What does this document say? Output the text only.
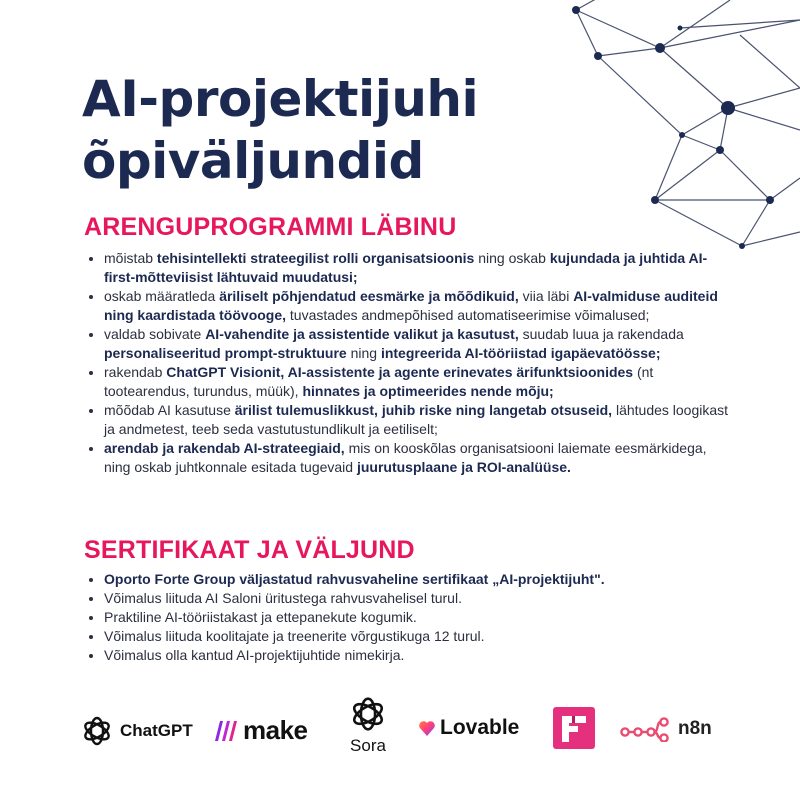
AI-projektijuhi
õpiväljundid
ARENGUPROGRAMMI LÄBINU
• mõistab tehisintellekti strateegilist rolli organisatsioonis ning oskab kujundada ja juhtida AI-first-mõtteviisist lähtuvaid muudatusi;
• oskab määratleda äriliselt põhjendatud eesmärke ja mõõdikuid, viia läbi AI-valmiduse auditeid ning kaardistada töövooge, tuvastades andmepõhised automatiseerimise võimalused;
• valdab sobivate AI-vahendite ja assistentide valikut ja kasutust, suudab luua ja rakendada personaliseeritud prompt-struktuure ning integreerida AI-tööriistad igapäevatöösse;
• rakendab ChatGPT Visionit, AI-assistente ja agente erinevates ärifunktsioonides (nt tootearendus, turundus, müük), hinnates ja optimeerides nende mõju;
• mõõdab AI kasutuse ärilist tulemuslikkust, juhib riske ning langetab otsuseid, lähtudes loogikast ja andmetest, teeb seda vastutustundlikult ja eetiliselt;
• arendab ja rakendab AI-strateegiaid, mis on kooskõlas organisatsiooni laiemate eesmärkidega, ning oskab juhtkonnale esitada tugevaid juurutusplaane ja ROI-analüüse.
SERTIFIKAAT JA VÄLJUND
• Oporto Forte Group väljastatud rahvusvaheline sertifikaat „AI-projektijuht".
• Võimalus liituda AI Saloni üritustega rahvusvahelisel turul.
• Praktiline AI-tööriistakast ja ettepanekute kogumik.
• Võimalus liituda koolitajate ja treenerite võrgustikuga 12 turul.
• Võimalus olla kantud AI-projektijuhtide nimekirja.
ChatGPT make
Sora
Lovable	n8n
